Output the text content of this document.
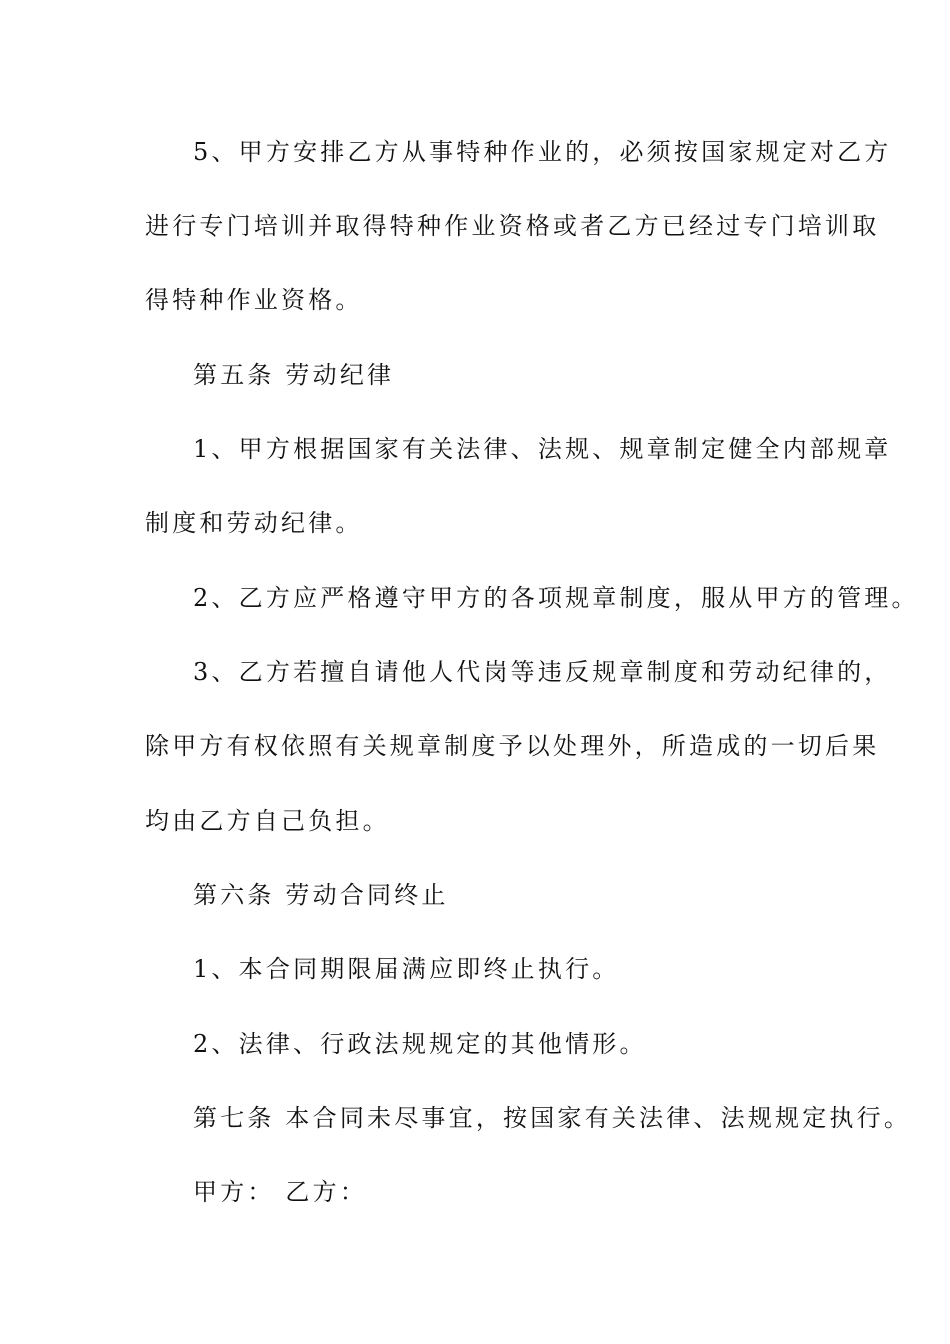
5、甲方安排乙方从事特种作业的，必须按国家规定对乙方
进行专门培训并取得特种作业资格或者乙方已经过专门培训取
得特种作业资格。
第五条 劳动纪律
1、甲方根据国家有关法律、法规、规章制定健全内部规章
制度和劳动纪律。
2、乙方应严格遵守甲方的各项规章制度，服从甲方的管理。
3、乙方若擅自请他人代岗等违反规章制度和劳动纪律的，
除甲方有权依照有关规章制度予以处理外，所造成的一切后果
均由乙方自己负担。
第六条 劳动合同终止
1、本合同期限届满应即终止执行。
2、法律、行政法规规定的其他情形。
第七条 本合同未尽事宜，按国家有关法律、法规规定执行。
甲方： 乙方：
